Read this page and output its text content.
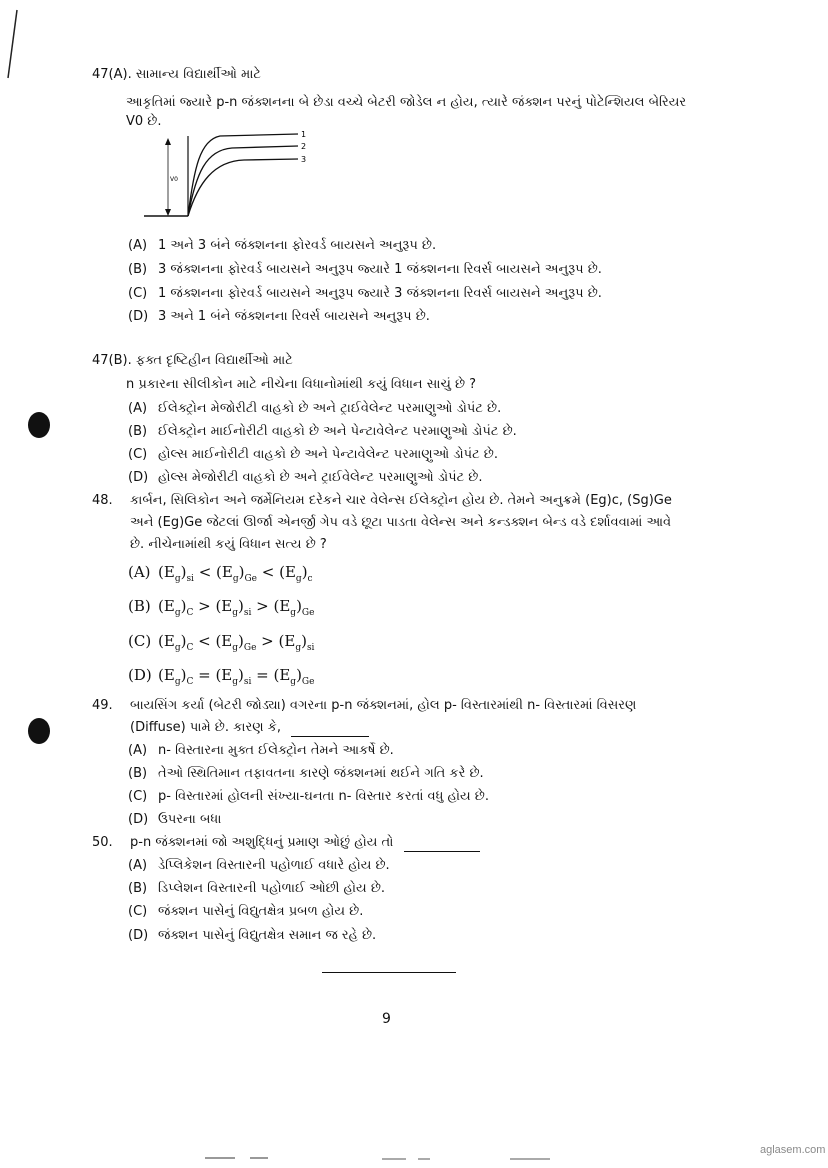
47(A). સામાન્ય વિદ્યાર્થીઓ માટે
આકૃતિમાં જ્યારે p-n જંક્શનના બે છેડા વચ્ચે બેટરી જોડેલ ન હોય, ત્યારે જંક્શન પરનું પોટેન્શિયલ બેરિયર
V0 છે.
V0
1
2
3
(A) 1 અને 3 બંને જંક્શનના ફોરવર્ડ બાયસને અનુરૂપ છે.
(B) 3 જંક્શનના ફોરવર્ડ બાયસને અનુરૂપ જ્યારે 1 જંક્શનના રિવર્સ બાયસને અનુરૂપ છે.
(C) 1 જંક્શનના ફોરવર્ડ બાયસને અનુરૂપ જ્યારે 3 જંક્શનના રિવર્સ બાયસને અનુરૂપ છે.
(D) 3 અને 1 બંને જંક્શનના રિવર્સ બાયસને અનુરૂપ છે.
47(B). ફક્ત દૃષ્ટિહીન વિદ્યાર્થીઓ માટે
n પ્રકારના સીલીકોન માટે નીચેના વિધાનોમાંથી કયું વિધાન સાચું છે ?
(A) ઈલેક્ટ્રોન મેજોરીટી વાહકો છે અને ટ્રાઈવેલેન્ટ પરમાણુઓ ડોપંટ છે.
(B) ઈલેક્ટ્રોન માઈનોરીટી વાહકો છે અને પેન્ટાવેલેન્ટ પરમાણુઓ ડોપંટ છે.
(C) હોલ્સ માઈનોરીટી વાહકો છે અને પેન્ટાવેલેન્ટ પરમાણુઓ ડોપંટ છે.
(D) હોલ્સ મેજોરીટી વાહકો છે અને ટ્રાઈવેલેન્ટ પરમાણુઓ ડોપંટ છે.
48. કાર્બન, સિલિકોન અને જર્મેનિયમ દરેકને ચાર વેલેન્સ ઈલેક્ટ્રોન હોય છે. તેમને અનુક્રમે (Eg)c, (Sg)Ge
અને (Eg)Ge જેટલાં ઊર્જા એનર્જી ગેપ વડે છૂટા પાડતા વેલેન્સ અને કન્ડક્શન બેન્ડ વડે દર્શાવવામાં આવે
છે. નીચેનામાંથી કયું વિધાન સત્ય છે ?
(A) $(E_g)_{si} < (E_g)_{Ge} < (E_g)_c$
(B) $(E_g)_C > (E_g)_{si} > (E_g)_{Ge}$
(C) $(E_g)_C < (E_g)_{Ge} > (E_g)_{si}$
(D) $(E_g)_C = (E_g)_{si} = (E_g)_{Ge}$
49. બાયસિંગ કર્યા (બેટરી જોડ્યા) વગરના p-n જંક્શનમાં, હોલ p- વિસ્તારમાંથી n- વિસ્તારમાં વિસરણ
(Diffuse) પામે છે. કારણ કે,
(A) n- વિસ્તારના મુક્ત ઈલેક્ટ્રોન તેમને આકર્ષે છે.
(B) તેઓ સ્થિતિમાન તફાવતના કારણે જંક્શનમાં થઈને ગતિ કરે છે.
(C) p- વિસ્તારમાં હોલની સંખ્યા-ઘનતા n- વિસ્તાર કરતાં વધુ હોય છે.
(D) ઉપરના બધા
50. p-n જંક્શનમાં જો અશુદ્ધિનું પ્રમાણ ઓછું હોય તો
(A) ડેપ્લિકેશન વિસ્તારની પહોળાઈ વધારે હોય છે.
(B) ડિપ્લેશન વિસ્તારની પહોળાઈ ઓછી હોય છે.
(C) જંક્શન પાસેનું વિદ્યુતક્ષેત્ર પ્રબળ હોય છે.
(D) જંક્શન પાસેનું વિદ્યુતક્ષેત્ર સમાન જ રહે છે.
9
aglasem.com
